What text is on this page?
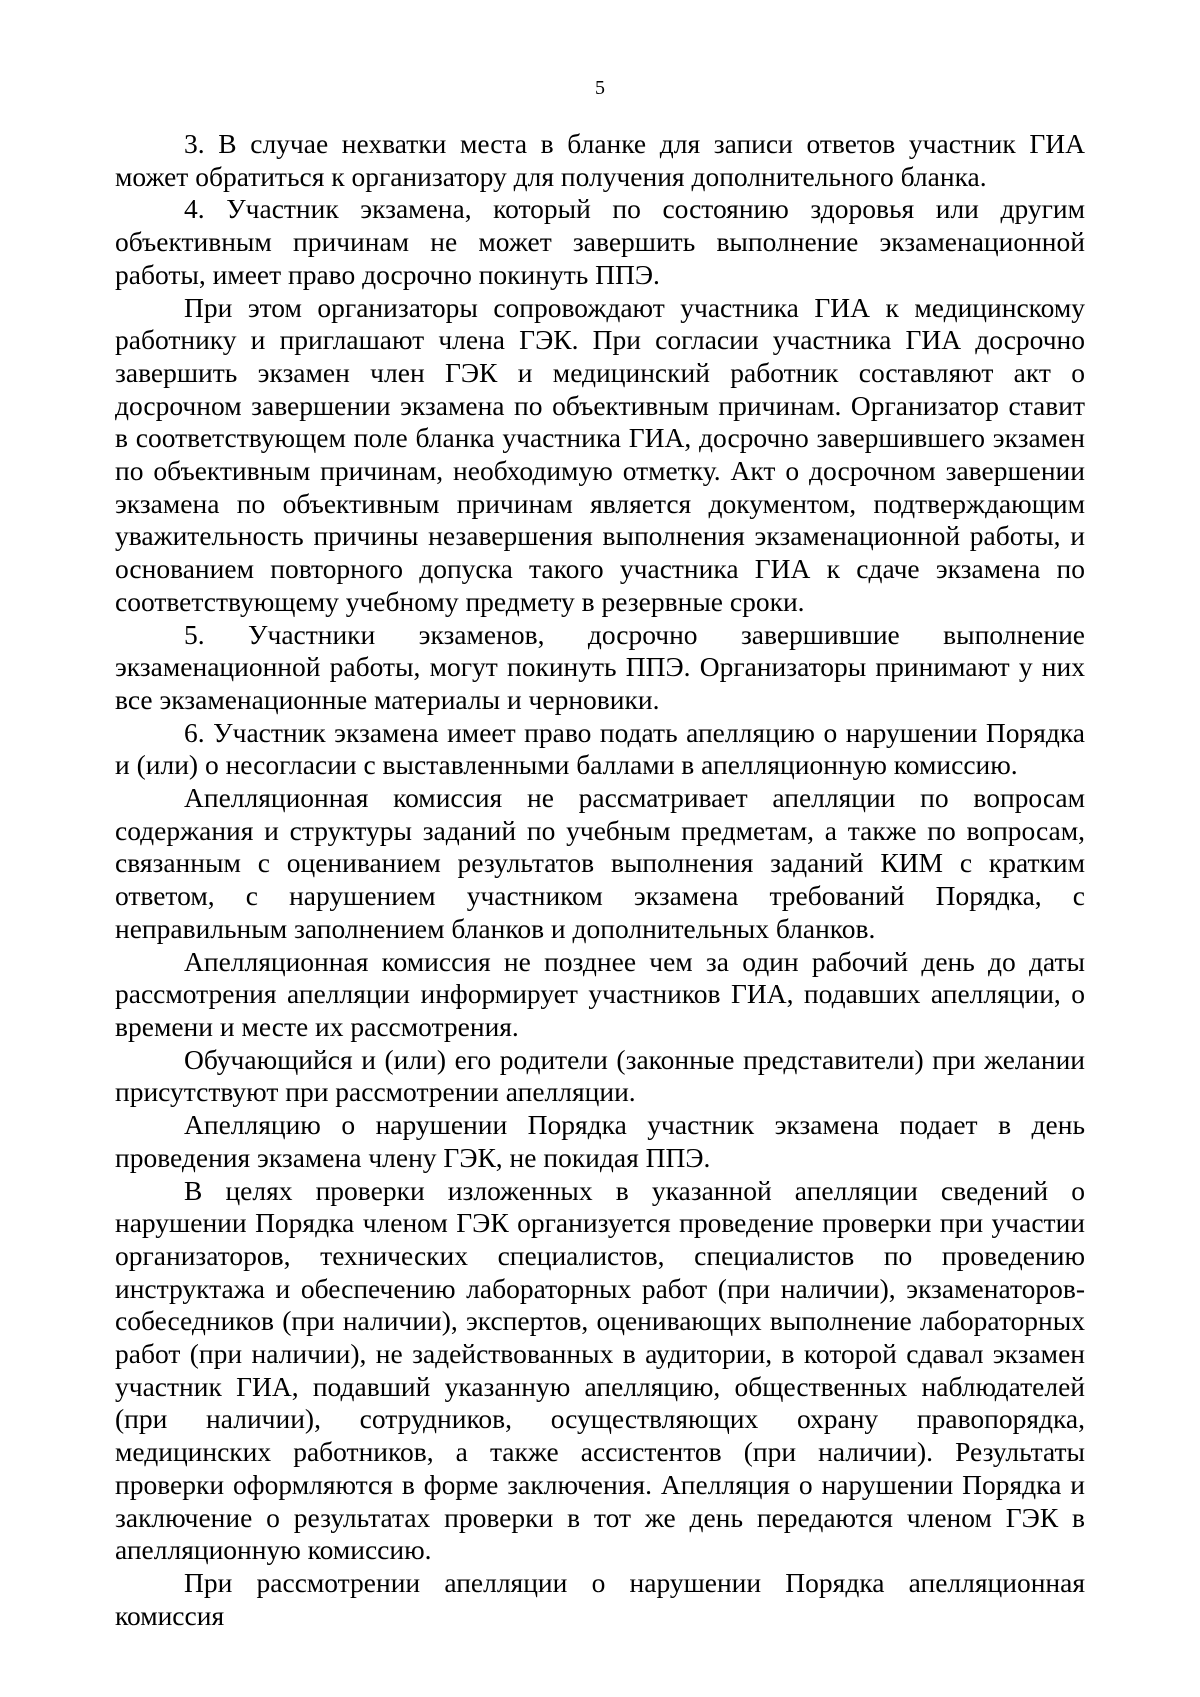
5

3. В случае нехватки места в бланке для записи ответов участник ГИА может обратиться к организатору для получения дополнительного бланка.

4. Участник экзамена, который по состоянию здоровья или другим объективным причинам не может завершить выполнение экзаменационной работы, имеет право досрочно покинуть ППЭ.

При этом организаторы сопровождают участника ГИА к медицинскому работнику и приглашают члена ГЭК. При согласии участника ГИА досрочно завершить экзамен член ГЭК и медицинский работник составляют акт о досрочном завершении экзамена по объективным причинам. Организатор ставит в соответствующем поле бланка участника ГИА, досрочно завершившего экзамен по объективным причинам, необходимую отметку. Акт о досрочном завершении экзамена по объективным причинам является документом, подтверждающим уважительность причины незавершения выполнения экзаменационной работы, и основанием повторного допуска такого участника ГИА к сдаче экзамена по соответствующему учебному предмету в резервные сроки.

5. Участники экзаменов, досрочно завершившие выполнение экзаменационной работы, могут покинуть ППЭ. Организаторы принимают у них все экзаменационные материалы и черновики.

6. Участник экзамена имеет право подать апелляцию о нарушении Порядка и (или) о несогласии с выставленными баллами в апелляционную комиссию.

Апелляционная комиссия не рассматривает апелляции по вопросам содержания и структуры заданий по учебным предметам, а также по вопросам, связанным с оцениванием результатов выполнения заданий КИМ с кратким ответом, с нарушением участником экзамена требований Порядка, с неправильным заполнением бланков и дополнительных бланков.

Апелляционная комиссия не позднее чем за один рабочий день до даты рассмотрения апелляции информирует участников ГИА, подавших апелляции, о времени и месте их рассмотрения.

Обучающийся и (или) его родители (законные представители) при желании присутствуют при рассмотрении апелляции.

Апелляцию о нарушении Порядка участник экзамена подает в день проведения экзамена члену ГЭК, не покидая ППЭ.

В целях проверки изложенных в указанной апелляции сведений о нарушении Порядка членом ГЭК организуется проведение проверки при участии организаторов, технических специалистов, специалистов по проведению инструктажа и обеспечению лабораторных работ (при наличии), экзаменаторов-собеседников (при наличии), экспертов, оценивающих выполнение лабораторных работ (при наличии), не задействованных в аудитории, в которой сдавал экзамен участник ГИА, подавший указанную апелляцию, общественных наблюдателей (при наличии), сотрудников, осуществляющих охрану правопорядка, медицинских работников, а также ассистентов (при наличии). Результаты проверки оформляются в форме заключения. Апелляция о нарушении Порядка и заключение о результатах проверки в тот же день передаются членом ГЭК в апелляционную комиссию.

При рассмотрении апелляции о нарушении Порядка апелляционная комиссия
